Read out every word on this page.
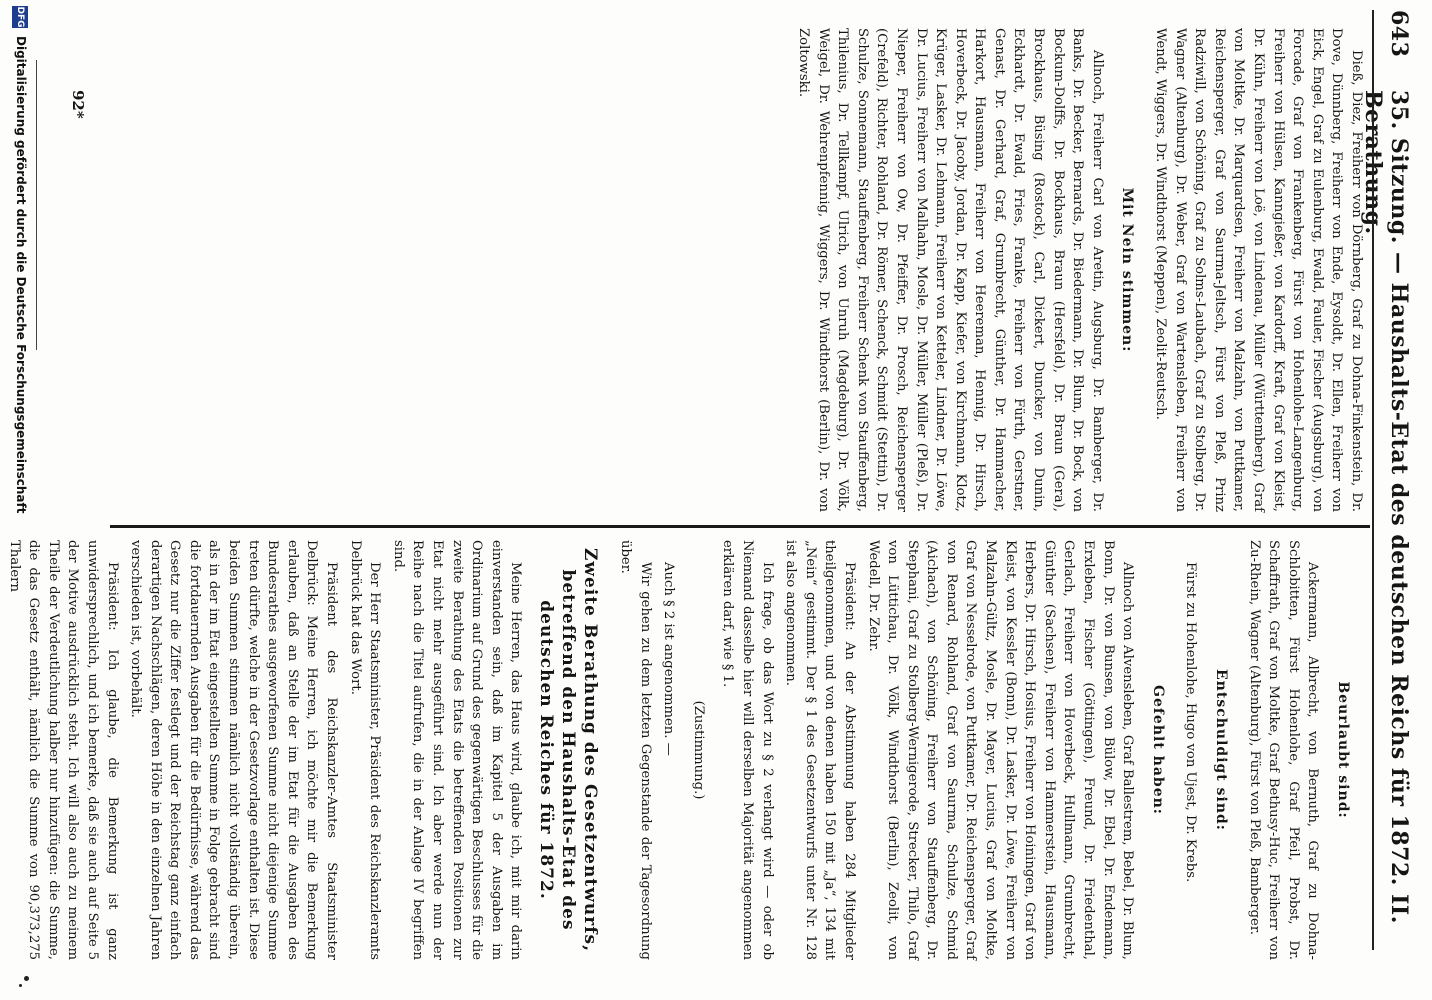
643
35. Sitzung. — Haushalts-Etat des deutschen Reichs für 1872. II. Berathung.

Dieß, Diez, Freiherr von Dörnberg, Graf zu Dohna-Finkenstein, Dr. Dove, Dünnberg, Freiherr von Ende, Eysoldt, Dr. Ellen, Freiherr von Eick, Engel, Graf zu Eulenburg, Ewald, Fauler, Fischer (Augsburg), von Forcade, Graf von Frankenberg, Fürst von Hohenlohe-Langenburg, Freiherr von Hülsen, Kanngießer, von Kardorff, Kraft, Graf von Kleist, Dr. Kühn, Freiherr von Loë, von Lindenau, Müller (Württemberg), Graf von Moltke, Dr. Marquardsen, Freiherr von Malzahn, von Puttkamer, Reichensperger, Graf von Saurma-Jeltsch, Fürst von Pleß, Prinz Radziwill, von Schöning, Graf zu Solms-Laubach, Graf zu Stolberg, Dr. Wagner (Altenburg), Dr. Weber, Graf von Wartensleben, Freiherr von Wendt, Wiggers, Dr. Windthorst (Meppen), Zeolit-Reutsch.

Mit Nein stimmen:

Allnoch, Freiherr Carl von Aretin, Augsburg, Dr. Bamberger, Dr. Banks, Dr. Becker, Bernards, Dr. Biedermann, Dr. Blum, Dr. Bock, von Bockum-Dolffs, Dr. Bockhaus, Braun (Hersfeld), Dr. Braun (Gera), Brockhaus, Büsing (Rostock), Carl, Dickert, Duncker, von Dunin, Eckhardt, Dr. Ewald, Fries, Franke, Freiherr von Fürth, Gerstner, Genast, Dr. Gerhard, Graf, Grumbrecht, Günther, Dr. Hammacher, Harkort, Hausmann, Freiherr von Heereman, Hennig, Dr. Hirsch, Hoverbeck, Dr. Jacoby, Jordan, Dr. Kapp, Kiefer, von Kirchmann, Klotz, Krüger, Lasker, Dr. Lehmann, Freiherr von Ketteler, Lindner, Dr. Löwe, Dr. Lucius, Freiherr von Malhahn, Mosle, Dr. Müller, Müller (Pleß), Dr. Nieper, Freiherr von Ow, Dr. Pfeiffer, Dr. Prosch, Reichensperger (Crefeld), Richter, Rohland, Dr. Römer, Schenck, Schmidt (Stettin), Dr. Schulze, Sonnemann, Stauffenberg, Freiherr Schenk von Stauffenberg, Thilenius, Dr. Tellkampf, Ulrich, von Unruh (Magdeburg), Dr. Völk, Weigel, Dr. Wehrenpfennig, Wiggers, Dr. Windthorst (Berlin), Dr. von Zoltowski.

Beurlaubt sind:

Ackermann, Albrecht, von Bernuth, Graf zu Dohna-Schlobitten, Fürst Hohenlohe, Graf Pfeil, Probst, Dr. Schaffrath, Graf von Moltke, Graf Bethusy-Huc, Freiherr von Zu-Rhein, Wagner (Altenburg), Fürst von Pleß, Bamberger.

Entschuldigt sind:

Fürst zu Hohenlohe, Hugo von Ujest, Dr. Krebs.

Gefehlt haben:

Allnoch von Alvensleben, Graf Ballestrem, Bebel, Dr. Blum, Bonn, Dr. von Bunsen, von Bülow, Dr. Ebel, Dr. Endemann, Erxleben, Fischer (Göttingen), Freund, Dr. Friedenthal, Gerlach, Freiherr von Hoverbeck, Hullmann, Grumbrecht, Günther (Sachsen), Freiherr von Hammerstein, Hausmann, Herbers, Dr. Hirsch, Hosius, Freiherr von Hoiningen, Graf von Kleist, von Kessler (Bonn), Dr. Lasker, Dr. Löwe, Freiherr von Malzahn-Gültz, Mosle, Dr. Mayer, Lucius, Graf von Moltke, Graf von Nesselrode, von Puttkamer, Dr. Reichensperger, Graf von Renard, Rohland, Graf von Saurma, Schulze, Schmid (Aichach), von Schöning, Freiherr von Stauffenberg, Dr. Stephani, Graf zu Stolberg-Wernigerode, Strecker, Thilo, Graf von Lüttichau, Dr. Völk, Windthorst (Berlin), Zeolit, von Wedell, Dr. Zehr.

Präsident: An der Abstimmung haben 284 Mitglieder theilgenommen, und von denen haben 150 mit „Ja“, 134 mit „Nein“ gestimmt. Der § 1 des Gesetzentwurfs unter Nr. 128 ist also angenommen.

Ich frage, ob das Wort zu § 2 verlangt wird — oder ob Niemand dasselbe hier will derselben Majorität angenommen erklären darf, wie § 1.

(Zustimmung.)

Auch § 2 ist angenommen. —

Wir gehen zu dem letzten Gegenstande der Tagesordnung über.

Zweite Berathung des Gesetzentwurfs, betreffend den Haushalts-Etat des deutschen Reiches für 1872.

Meine Herren, das Haus wird, glaube ich, mit mir darin einverstanden sein, daß im Kapitel 5 der Ausgaben im Ordinarium auf Grund des gegenwärtigen Beschlusses für die zweite Berathung des Etats die betreffenden Positionen zur Etat nicht mehr ausgeführt sind. Ich aber werde nun der Reihe nach die Titel aufrufen, die in der Anlage IV begriffen sind.

Der Herr Staatsminister, Präsident des Reichskanzleramts Delbrück hat das Wort.

Präsident des Reichskanzler-Amtes Staatsminister Delbrück: Meine Herren, ich möchte mir die Bemerkung erlauben, daß an Stelle der im Etat für die Ausgaben des Bundesrathes ausgeworfenen Summe nicht diejenige Summe treten dürfte, welche in der Gesetzvorlage enthalten ist. Diese beiden Summen stimmen nämlich nicht vollständig überein, als in der im Etat eingestellten Summe in Folge gebracht sind die fortdauernden Ausgaben für die Bedürfnisse, während das Gesetz nur die Ziffer festlegt und der Reichstag ganz einfach derartigen Nachschlägen, deren Höhe in den einzelnen Jahren verschieden ist, vorbehält.

Präsident: Ich glaube, die Bemerkung ist ganz unwidersprechlich, und ich bemerke, daß sie auch auf Seite 5 der Motive ausdrücklich steht. Ich will also auch zu meinem Theile der Verdeutlichung halber nur hinzufügen: die Summe, die das Gesetz enthält, nämlich die Summe von 90,373,275 Thalern

92*
DFG
Digitalisierung gefördert durch die Deutsche Forschungsgemeinschaft
